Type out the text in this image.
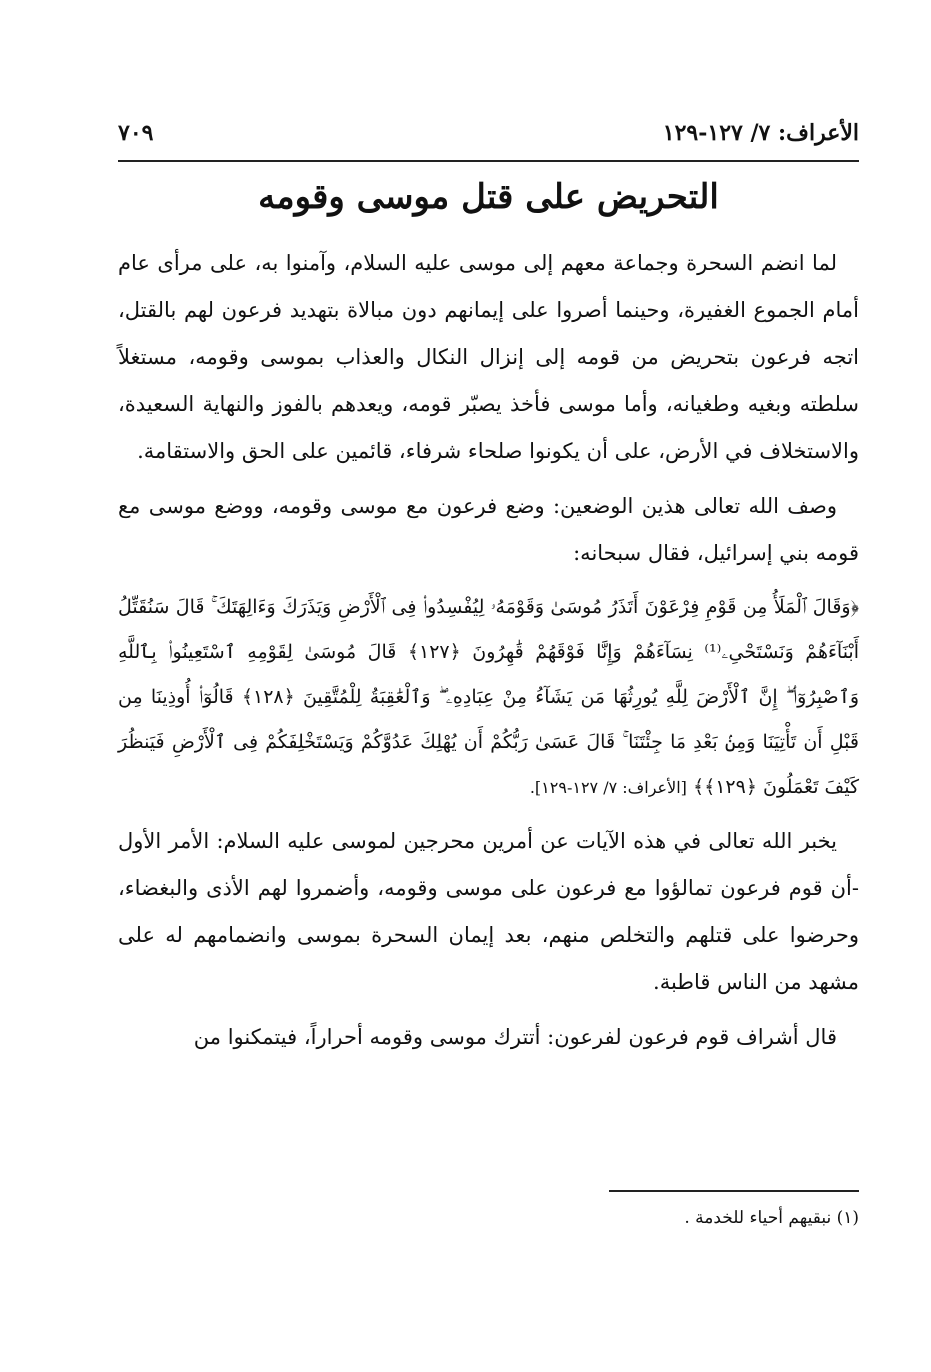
الأعراف: ٧/ ١٢٧-١٢٩
٧٠٩
التحريض على قتل موسى وقومه

لما انضم السحرة وجماعة معهم إلى موسى عليه السلام، وآمنوا به، على مرأى عام أمام الجموع الغفيرة، وحينما أصروا على إيمانهم دون مبالاة بتهديد فرعون لهم بالقتل، اتجه فرعون بتحريض من قومه إلى إنزال النكال والعذاب بموسى وقومه، مستغلاً سلطته وبغيه وطغيانه، وأما موسى فأخذ يصبّر قومه، ويعدهم بالفوز والنهاية السعيدة، والاستخلاف في الأرض، على أن يكونوا صلحاء شرفاء، قائمين على الحق والاستقامة.

وصف الله تعالى هذين الوضعين: وضع فرعون مع موسى وقومه، ووضع موسى مع قومه بني إسرائيل، فقال سبحانه:

﴿وَقَالَ ٱلْمَلَأُ مِن قَوْمِ فِرْعَوْنَ أَتَذَرُ مُوسَىٰ وَقَوْمَهُۥ لِيُفْسِدُوا۟ فِى ٱلْأَرْضِ وَيَذَرَكَ وَءَالِهَتَكَ ۚ قَالَ سَنُقَتِّلُ أَبْنَآءَهُمْ وَنَسْتَحْىِۦ⁽¹⁾ نِسَآءَهُمْ وَإِنَّا فَوْقَهُمْ قَٰهِرُونَ ﴿١٢٧﴾ قَالَ مُوسَىٰ لِقَوْمِهِ ٱسْتَعِينُوا۟ بِٱللَّهِ وَٱصْبِرُوٓا۟ ۖ إِنَّ ٱلْأَرْضَ لِلَّهِ يُورِثُهَا مَن يَشَآءُ مِنْ عِبَادِهِۦ ۖ وَٱلْعَٰقِبَةُ لِلْمُتَّقِينَ ﴿١٢٨﴾ قَالُوٓا۟ أُوذِينَا مِن قَبْلِ أَن تَأْتِيَنَا وَمِنۢ بَعْدِ مَا جِئْتَنَا ۚ قَالَ عَسَىٰ رَبُّكُمْ أَن يُهْلِكَ عَدُوَّكُمْ وَيَسْتَخْلِفَكُمْ فِى ٱلْأَرْضِ فَيَنظُرَ كَيْفَ تَعْمَلُونَ ﴿١٢٩﴾﴾ [الأعراف: ٧/ ١٢٧-١٢٩].

يخبر الله تعالى في هذه الآيات عن أمرين محرجين لموسى عليه السلام: الأمر الأول -أن قوم فرعون تمالؤوا مع فرعون على موسى وقومه، وأضمروا لهم الأذى والبغضاء، وحرضوا على قتلهم والتخلص منهم، بعد إيمان السحرة بموسى وانضمامهم له على مشهد من الناس قاطبة.

قال أشراف قوم فرعون لفرعون: أتترك موسى وقومه أحراراً، فيتمكنوا من

(١) نبقيهم أحياء للخدمة .
